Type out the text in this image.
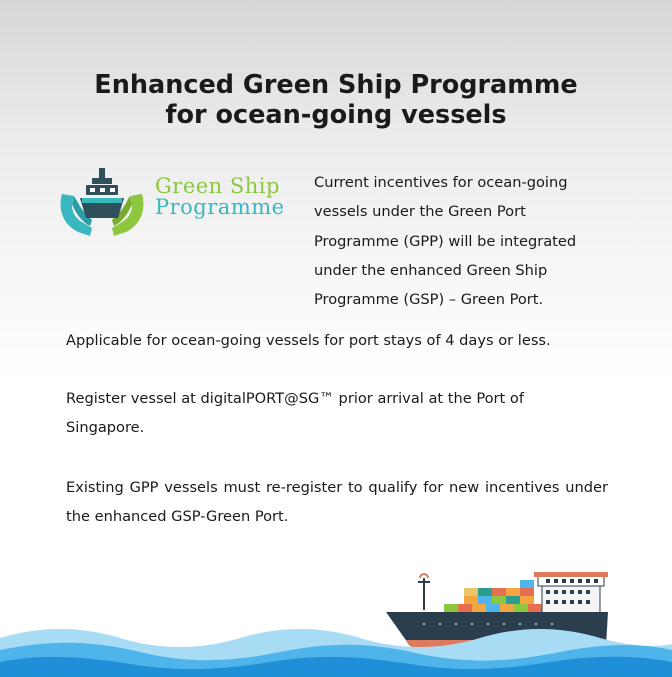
Enhanced Green Ship Programme
for ocean-going vessels
Green Ship
Programme
Current incentives for ocean-going
vessels under the Green Port
Programme (GPP) will be integrated
under the enhanced Green Ship
Programme (GSP) – Green Port.
Applicable for ocean-going vessels for port stays of 4 days or less.
Register vessel at digitalPORT@SG™ prior arrival at the Port of Singapore.
Existing GPP vessels must re-register to qualify for new incentives under the enhanced GSP-Green Port.
